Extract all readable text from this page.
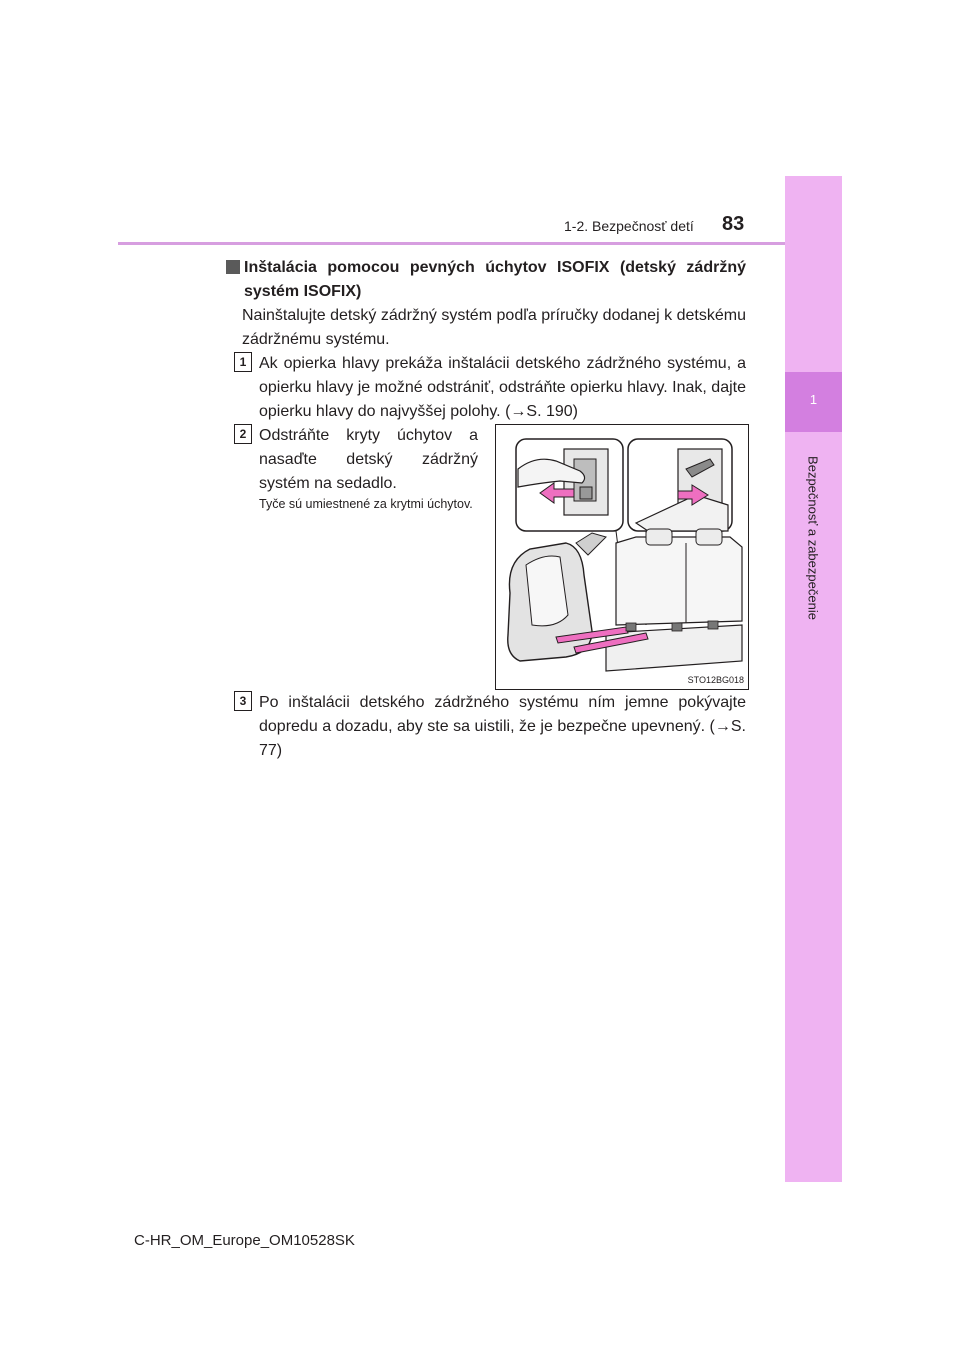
1
Bezpečnosť a zabezpečenie
1-2. Bezpečnosť detí 83
Inštalácia pomocou pevných úchytov ISOFIX (detský zádržný systém ISOFIX)
Nainštalujte detský zádržný systém podľa príručky dodanej k detskému zádržnému systému.
1 Ak opierka hlavy prekáža inštalácii detského zádržného systému, a opierku hlavy je možné odstrániť, odstráňte opierku hlavy. Inak, dajte opierku hlavy do najvyššej polohy. (→S. 190)
2 Odstráňte kryty úchytov a nasaďte detský zádržný systém na sedadlo.
Tyče sú umiestnené za krytmi úchytov.
STO12BG018
3 Po inštalácii detského zádržného systému ním jemne pokývajte dopredu a dozadu, aby ste sa uistili, že je bezpečne upevnený. (→S. 77)
C-HR_OM_Europe_OM10528SK
